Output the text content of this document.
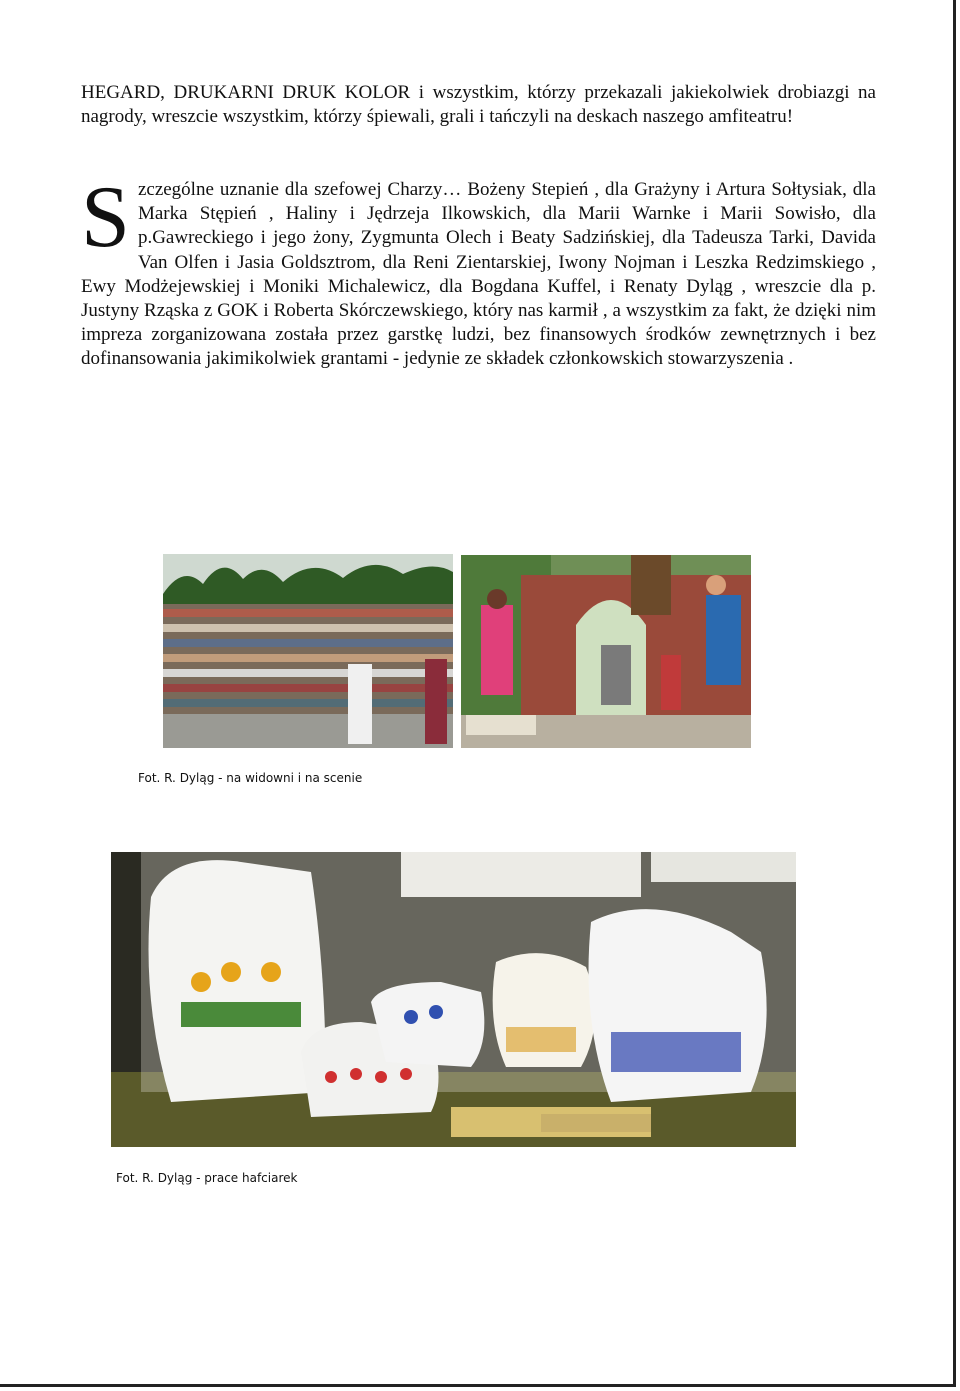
HEGARD, DRUKARNI DRUK KOLOR i wszystkim, którzy przekazali jakiekolwiek drobiazgi na nagrody, wreszcie wszystkim, którzy śpiewali, grali i tańczyli na deskach naszego amfiteatru!
Szczególne uznanie dla szefowej Charzy… Bożeny Stepień , dla Grażyny i Artura Sołtysiak, dla Marka Stępień , Haliny i Jędrzeja Ilkowskich, dla Marii Warnke i Marii Sowisło, dla p.Gawreckiego i jego żony, Zygmunta Olech i Beaty Sadzińskiej, dla Tadeusza Tarki, Davida Van Olfen i Jasia Goldsztrom, dla Reni Zientarskiej, Iwony Nojman i Leszka Redzimskiego , Ewy Modżejewskiej i Moniki Michalewicz, dla Bogdana Kuffel, i Renaty Dyląg , wreszcie dla p. Justyny Rząska z GOK i Roberta Skórczewskiego, który nas karmił , a wszystkim za fakt, że dzięki nim impreza zorganizowana została przez garstkę ludzi, bez finansowych środków zewnętrznych i bez dofinansowania jakimikolwiek grantami - jedynie ze składek członkowskich stowarzyszenia .
Fot. R. Dyląg - na widowni i na scenie
Fot. R. Dyląg - prace hafciarek
